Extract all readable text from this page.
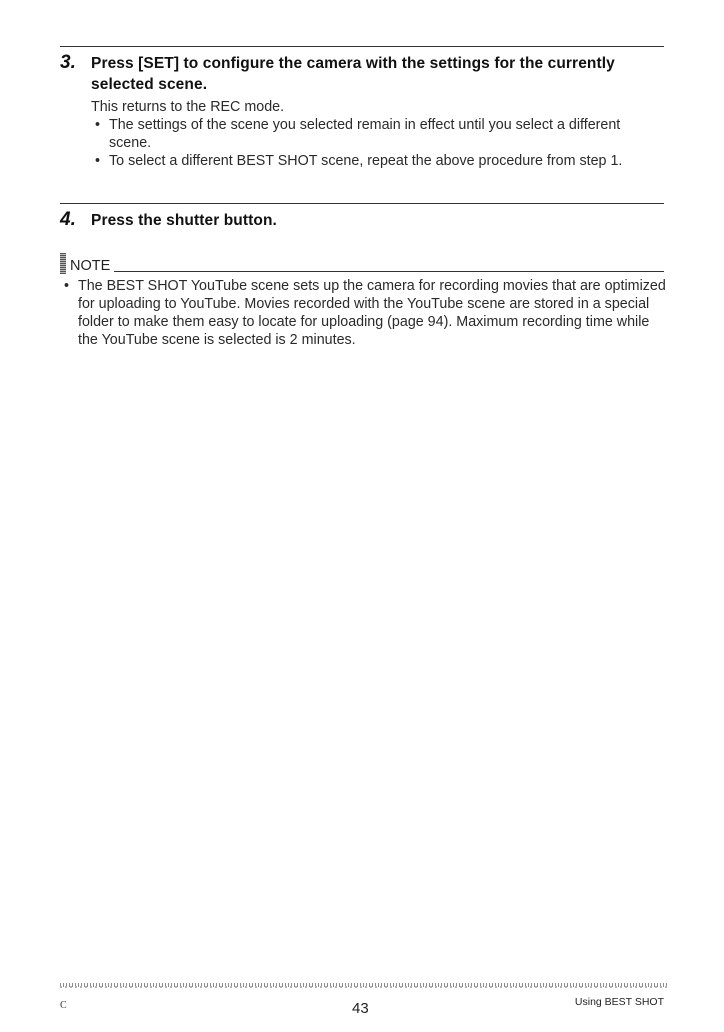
3. Press [SET] to configure the camera with the settings for the currently selected scene.
This returns to the REC mode.
• The settings of the scene you selected remain in effect until you select a different scene.
• To select a different BEST SHOT scene, repeat the above procedure from step 1.
4. Press the shutter button.
NOTE
• The BEST SHOT YouTube scene sets up the camera for recording movies that are optimized for uploading to YouTube. Movies recorded with the YouTube scene are stored in a special folder to make them easy to locate for uploading (page 94). Maximum recording time while the YouTube scene is selected is 2 minutes.
C	43	Using BEST SHOT
